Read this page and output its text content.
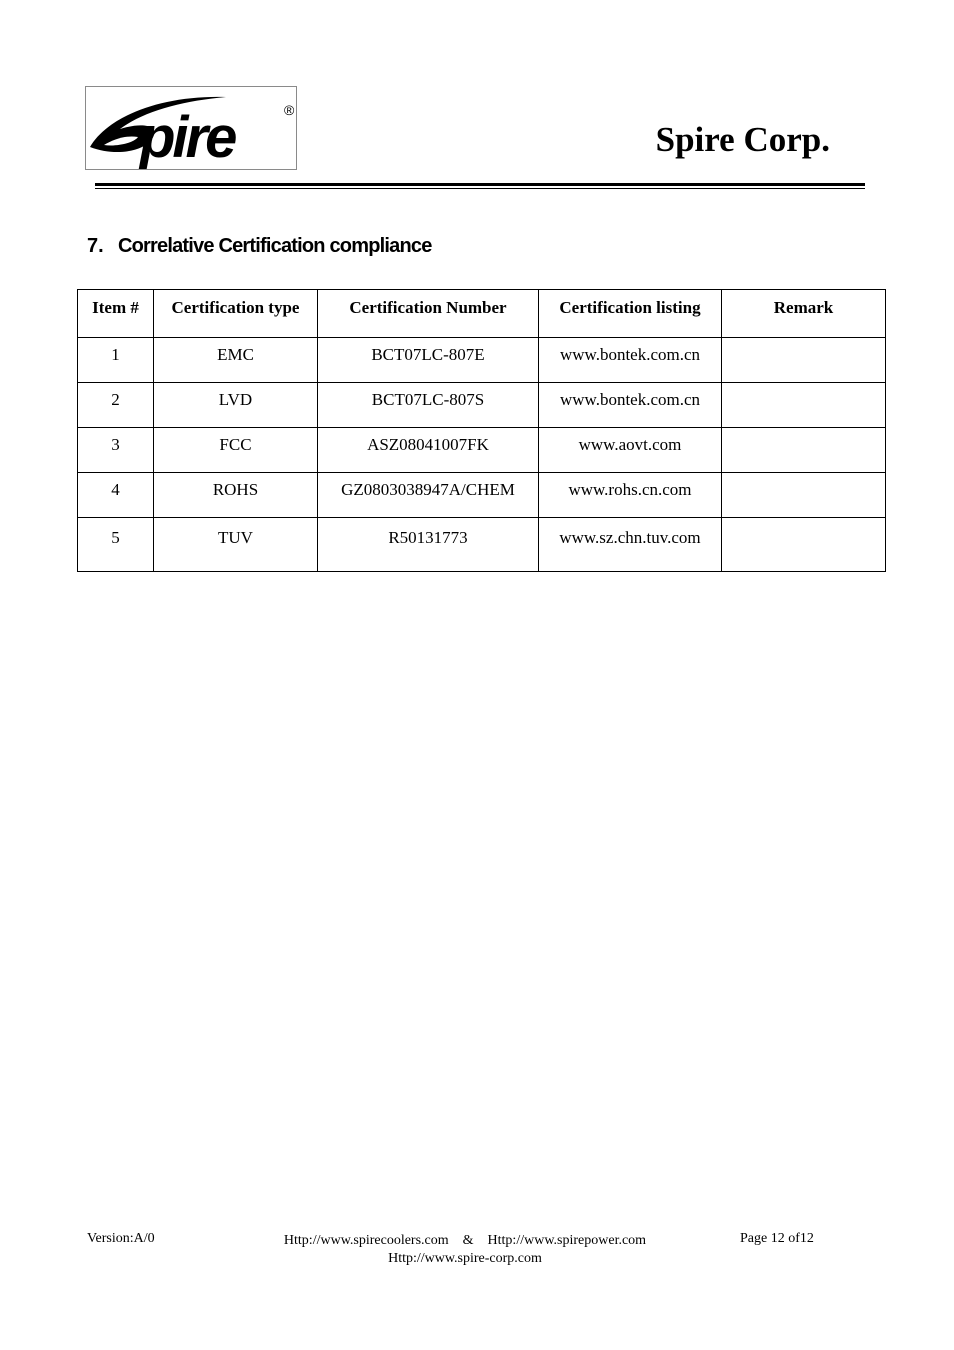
pire	®
Spire Corp.
7. Correlative Certification compliance
Item #	Certification type	Certification Number	Certification listing	Remark
1	EMC	BCT07LC-807E	www.bontek.com.cn	
2	LVD	BCT07LC-807S	www.bontek.com.cn	
3	FCC	ASZ08041007FK	www.aovt.com	
4	ROHS	GZ0803038947A/CHEM	www.rohs.cn.com	
5	TUV	R50131773	www.sz.chn.tuv.com	
Version:A/0	Http://www.spirecoolers.com & Http://www.spirepower.com
Http://www.spire-corp.com
Page 12 of12
